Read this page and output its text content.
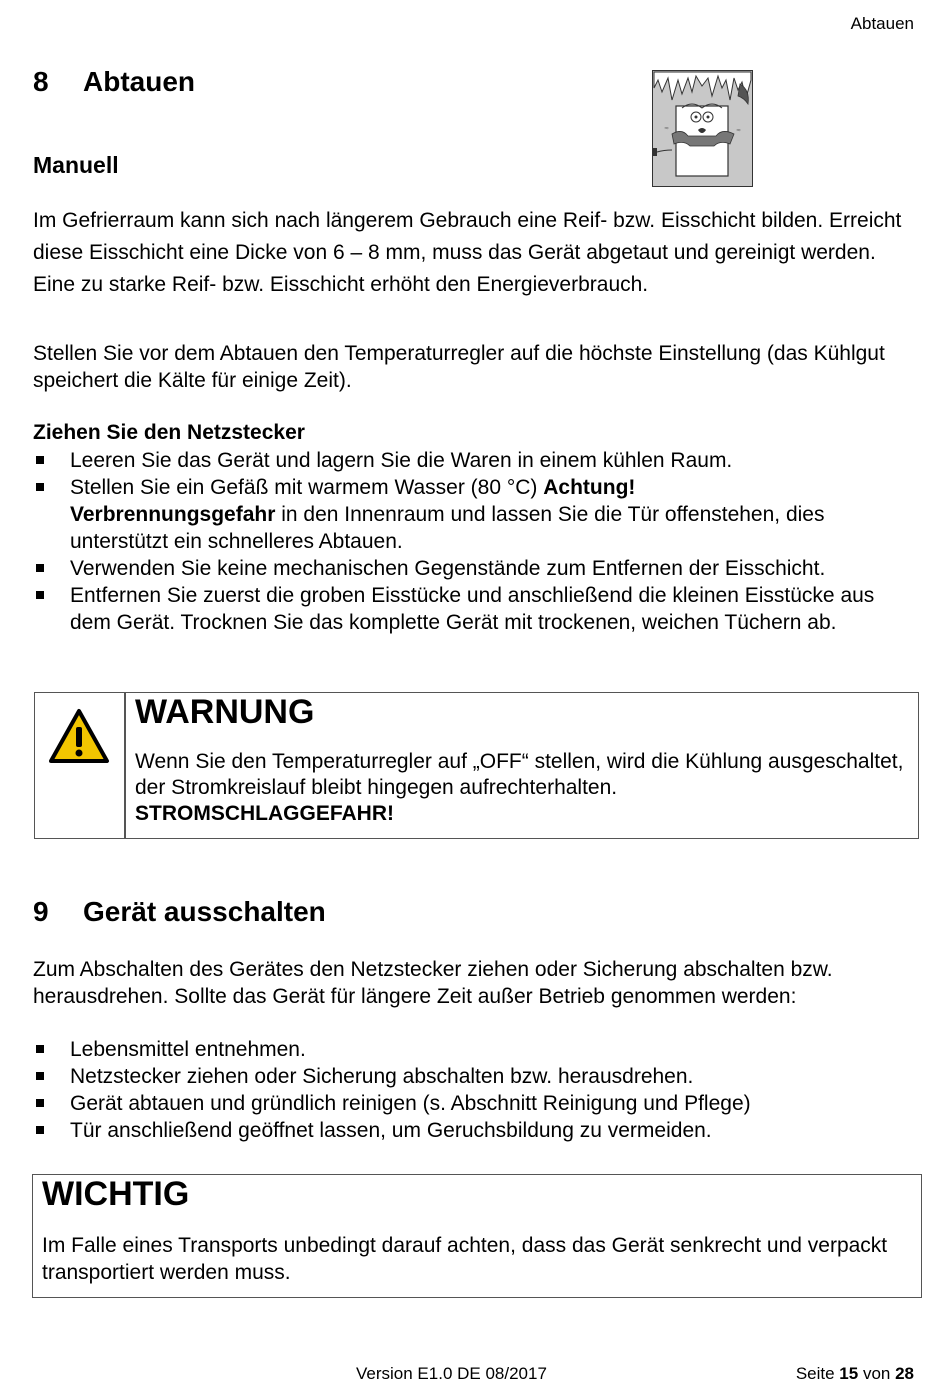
Abtauen
8 Abtauen
≈	≈
Manuell
Im Gefrierraum kann sich nach längerem Gebrauch eine Reif- bzw. Eisschicht bilden. Erreicht diese Eisschicht eine Dicke von 6 – 8 mm, muss das Gerät abgetaut und gereinigt werden. Eine zu starke Reif- bzw. Eisschicht erhöht den Energieverbrauch.
Stellen Sie vor dem Abtauen den Temperaturregler auf die höchste Einstellung (das Kühlgut speichert die Kälte für einige Zeit).
Ziehen Sie den Netzstecker
Leeren Sie das Gerät und lagern Sie die Waren in einem kühlen Raum.
Stellen Sie ein Gefäß mit warmem Wasser (80 °C) Achtung!
Verbrennungsgefahr in den Innenraum und lassen Sie die Tür offenstehen, dies unterstützt ein schnelleres Abtauen.
Verwenden Sie keine mechanischen Gegenstände zum Entfernen der Eisschicht.
Entfernen Sie zuerst die groben Eisstücke und anschließend die kleinen Eisstücke aus dem Gerät. Trocknen Sie das komplette Gerät mit trockenen, weichen Tüchern ab.
WARNUNG
Wenn Sie den Temperaturregler auf „OFF“ stellen, wird die Kühlung ausgeschaltet, der Stromkreislauf bleibt hingegen aufrechterhalten.
STROMSCHLAGGEFAHR!
9 Gerät ausschalten
Zum Abschalten des Gerätes den Netzstecker ziehen oder Sicherung abschalten bzw. herausdrehen. Sollte das Gerät für längere Zeit außer Betrieb genommen werden:
Lebensmittel entnehmen.
Netzstecker ziehen oder Sicherung abschalten bzw. herausdrehen.
Gerät abtauen und gründlich reinigen (s. Abschnitt Reinigung und Pflege)
Tür anschließend geöffnet lassen, um Geruchsbildung zu vermeiden.
WICHTIG
Im Falle eines Transports unbedingt darauf achten, dass das Gerät senkrecht und verpackt transportiert werden muss.
Version E1.0 DE 08/2017	Seite 15 von 28
